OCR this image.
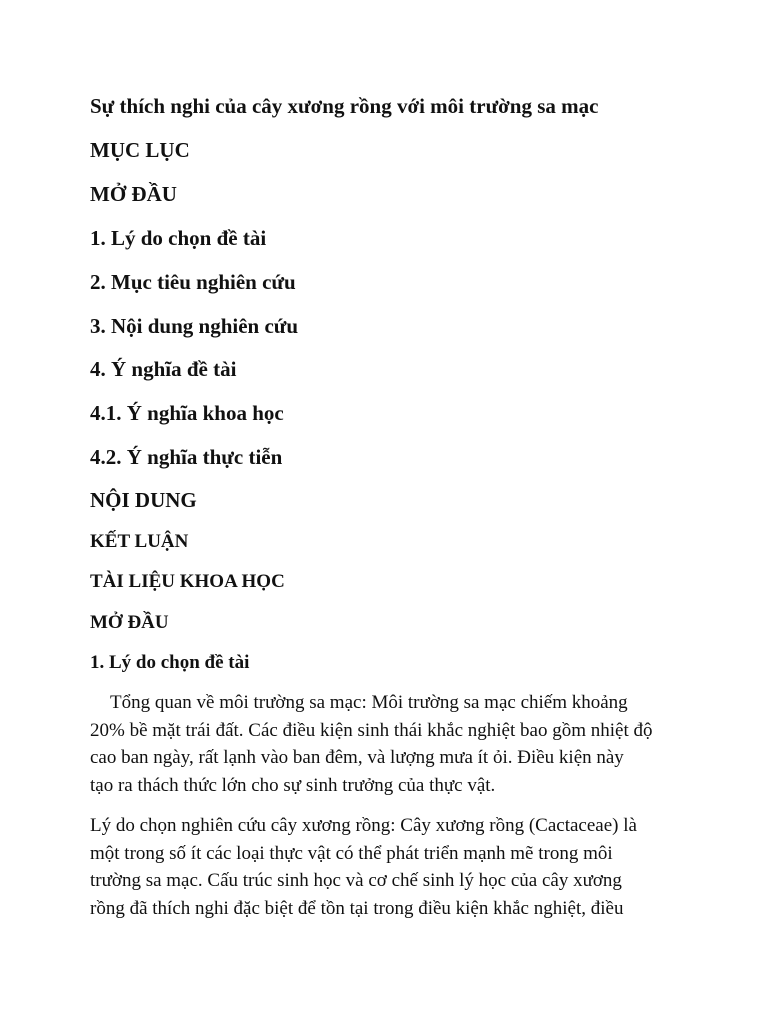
Sự thích nghi của cây xương rồng với môi trường sa mạc

MỤC LỤC

MỞ ĐẦU

1. Lý do chọn đề tài

2. Mục tiêu nghiên cứu

3. Nội dung nghiên cứu

4. Ý nghĩa đề tài

4.1. Ý nghĩa khoa học

4.2. Ý nghĩa thực tiễn

NỘI DUNG

KẾT LUẬN

TÀI LIỆU KHOA HỌC

MỞ ĐẦU

1. Lý do chọn đề tài

Tổng quan về môi trường sa mạc: Môi trường sa mạc chiếm khoảng
20% bề mặt trái đất. Các điều kiện sinh thái khắc nghiệt bao gồm nhiệt độ
cao ban ngày, rất lạnh vào ban đêm, và lượng mưa ít ỏi. Điều kiện này
tạo ra thách thức lớn cho sự sinh trưởng của thực vật.
Lý do chọn nghiên cứu cây xương rồng: Cây xương rồng (Cactaceae) là
một trong số ít các loại thực vật có thể phát triển mạnh mẽ trong môi
trường sa mạc. Cấu trúc sinh học và cơ chế sinh lý học của cây xương
rồng đã thích nghi đặc biệt để tồn tại trong điều kiện khắc nghiệt, điều
